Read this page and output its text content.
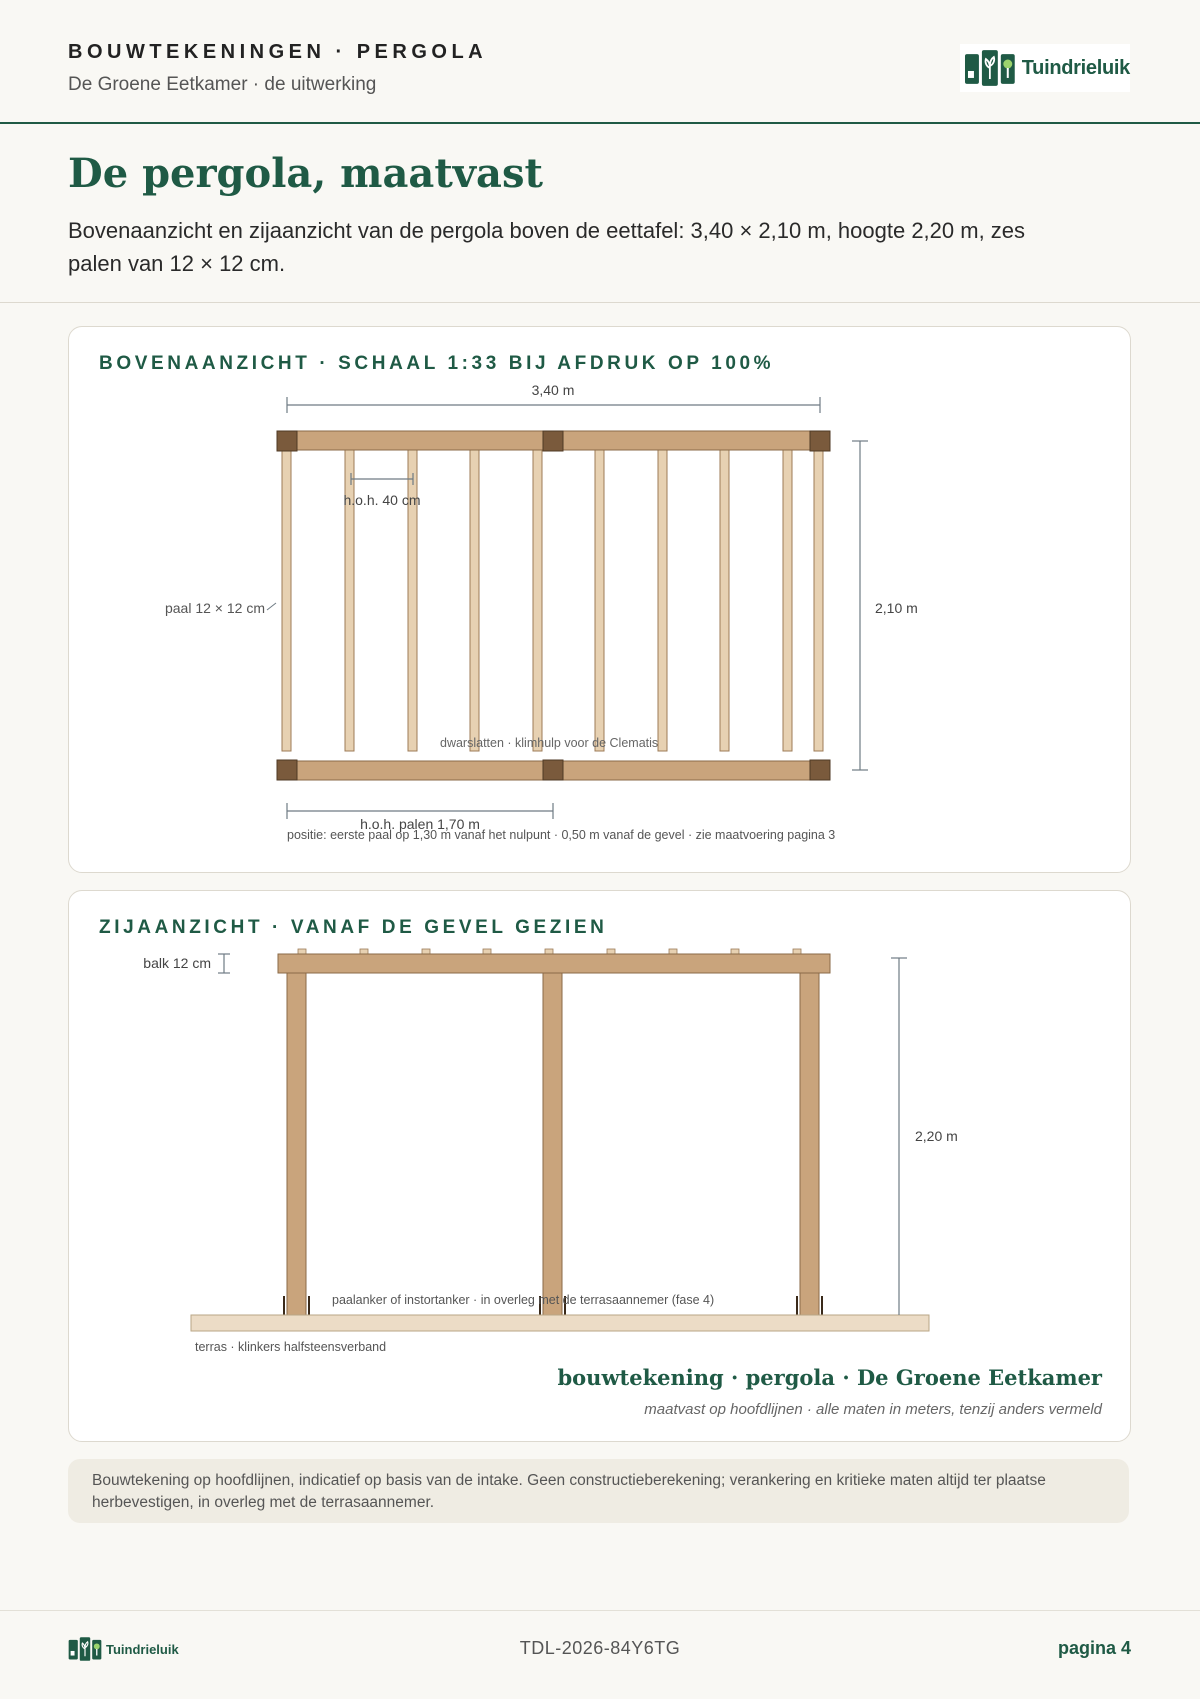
BOUWTEKENINGEN · PERGOLA
De Groene Eetkamer · de uitwerking
Tuindrieluik
De pergola, maatvast

Bovenaanzicht en zijaanzicht van de pergola boven de eettafel: 3,40 × 2,10 m, hoogte 2,20 m, zes palen van 12 × 12 cm.

BOVENAANZICHT · SCHAAL 1:33 BIJ AFDRUK OP 100%
3,40 m
h.o.h. 40 cm
paal 12 × 12 cm	2,10 m
dwarslatten · klimhulp voor de Clematis
h.o.h. palen 1,70 m
positie: eerste paal op 1,30 m vanaf het nulpunt · 0,50 m vanaf de gevel · zie maatvoering pagina 3
ZIJAANZICHT · VANAF DE GEVEL GEZIEN
terras · klinkers halfsteensverband
paalanker of instortanker · in overleg met de terrasaannemer (fase 4)
balk 12 cm
2,20 m
bouwtekening · pergola · De Groene Eetkamer
maatvast op hoofdlijnen · alle maten in meters, tenzij anders vermeld

Bouwtekening op hoofdlijnen, indicatief op basis van de intake. Geen constructieberekening; verankering en kritieke maten altijd ter plaatse herbevestigen, in overleg met de terrasaannemer.

Tuindrieluik	TDL-2026-84Y6TG	pagina 4
